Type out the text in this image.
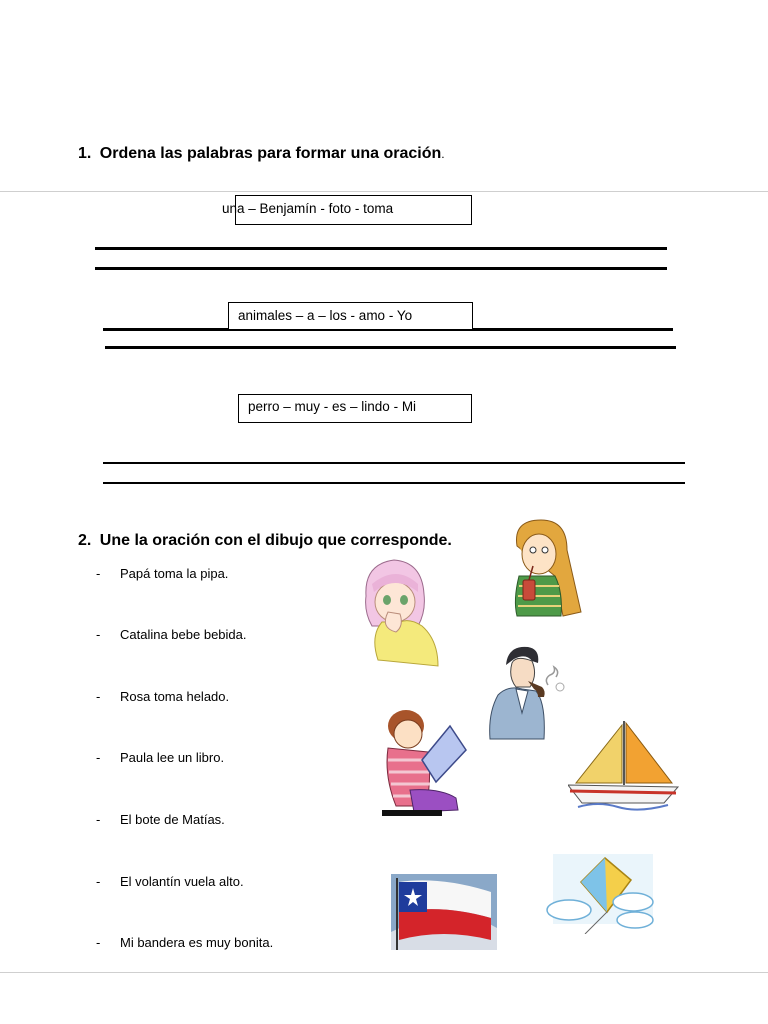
1. Ordena las palabras para formar una oración.
una – Benjamín - foto - toma
animales – a – los - amo - Yo
perro – muy - es – lindo - Mi
2. Une la oración con el dibujo que corresponde.
- Papá toma la pipa.
- Catalina bebe bebida.
- Rosa toma helado.
- Paula lee un libro.
- El bote de Matías.
- El volantín vuela alto.
- Mi bandera es muy bonita.
